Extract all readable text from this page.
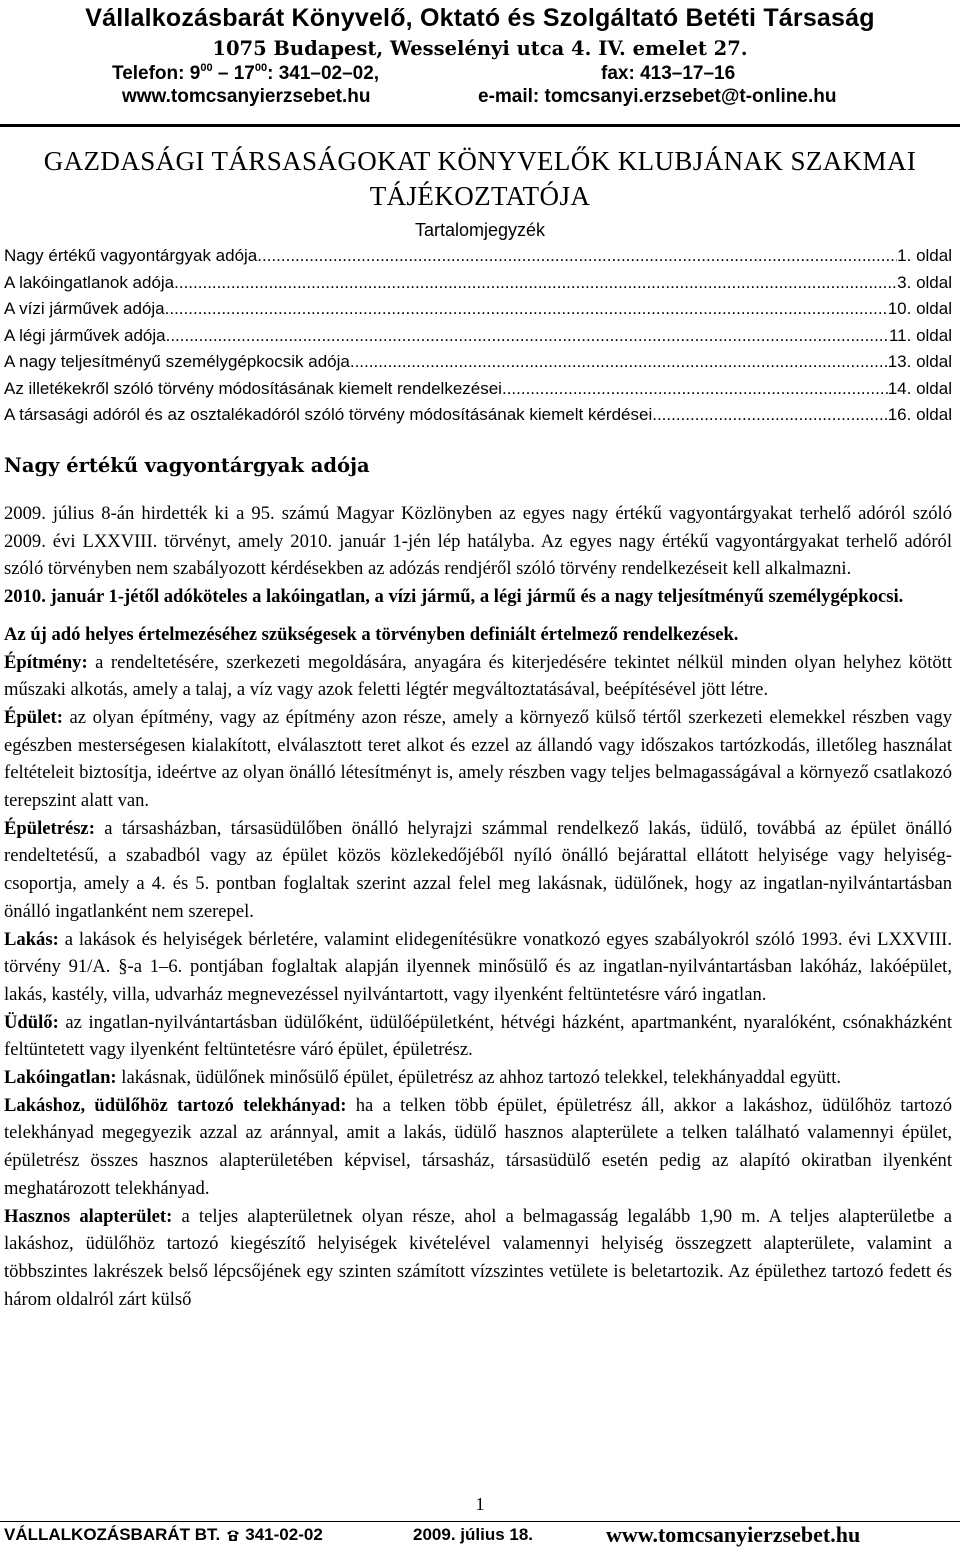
Vállalkozásbarát Könyvelő, Oktató és Szolgáltató Betéti Társaság
1075 Budapest, Wesselényi utca 4. IV. emelet 27.
Telefon: $9^{00} - 17^{00}$: 341–02–02,	fax: 413–17–16
www.tomcsanyierzsebet.hu	e-mail: tomcsanyi.erzsebet@t-online.hu
GAZDASÁGI TÁRSASÁGOKAT KÖNYVELŐK KLUBJÁNAK SZAKMAI
TÁJÉKOZTATÓJA
Tartalomjegyzék
Nagy értékű vagyontárgyak adója .....	1. oldal
A lakóingatlanok adója .....	3. oldal
A vízi járművek adója .....	10. oldal
A légi járművek adója .....	11. oldal
A nagy teljesítményű személygépkocsik adója .....	13. oldal
Az illetékekről szóló törvény módosításának kiemelt rendelkezései .....	14. oldal
A társasági adóról és az osztalékadóról szóló törvény módosításának kiemelt kérdései .....	16. oldal
Nagy értékű vagyontárgyak adója

2009. július 8-án hirdették ki a 95. számú Magyar Közlönyben az egyes nagy értékű vagyontárgyakat terhelő adóról szóló 2009. évi LXXVIII. törvényt, amely 2010. január 1-jén lép hatályba. Az egyes nagy értékű vagyontárgyakat terhelő adóról szóló törvényben nem szabályozott kérdésekben az adózás rendjéről szóló törvény rendelkezéseit kell alkalmazni.

2010. január 1-jétől adóköteles a lakóingatlan, a vízi jármű, a légi jármű és a nagy teljesítményű személygépkocsi.

Az új adó helyes értelmezéséhez szükségesek a törvényben definiált értelmező rendelkezések.

Építmény: a rendeltetésére, szerkezeti megoldására, anyagára és kiterjedésére tekintet nélkül minden olyan helyhez kötött műszaki alkotás, amely a talaj, a víz vagy azok feletti légtér megváltoztatásával, beépítésével jött létre.

Épület: az olyan építmény, vagy az építmény azon része, amely a környező külső tértől szerkezeti elemekkel részben vagy egészben mesterségesen kialakított, elválasztott teret alkot és ezzel az állandó vagy időszakos tartózkodás, illetőleg használat feltételeit biztosítja, ideértve az olyan önálló létesítményt is, amely részben vagy teljes belmagasságával a környező csatlakozó terepszint alatt van.

Épületrész: a társasházban, társasüdülőben önálló helyrajzi számmal rendelkező lakás, üdülő, továbbá az épület önálló rendeltetésű, a szabadból vagy az épület közös közlekedőjéből nyíló önálló bejárattal ellátott helyisége vagy helyiség-csoportja, amely a 4. és 5. pontban foglaltak szerint azzal felel meg lakásnak, üdülőnek, hogy az ingatlan-nyilvántartásban önálló ingatlanként nem szerepel.

Lakás: a lakások és helyiségek bérletére, valamint elidegenítésükre vonatkozó egyes szabályokról szóló 1993. évi LXXVIII. törvény 91/A. §-a 1–6. pontjában foglaltak alapján ilyennek minősülő és az ingatlan-nyilvántartásban lakóház, lakóépület, lakás, kastély, villa, udvarház megnevezéssel nyilvántartott, vagy ilyenként feltüntetésre váró ingatlan.

Üdülő: az ingatlan-nyilvántartásban üdülőként, üdülőépületként, hétvégi házként, apartmanként, nyaralóként, csónakházként feltüntetett vagy ilyenként feltüntetésre váró épület, épületrész.

Lakóingatlan: lakásnak, üdülőnek minősülő épület, épületrész az ahhoz tartozó telekkel, telekhányaddal együtt.

Lakáshoz, üdülőhöz tartozó telekhányad: ha a telken több épület, épületrész áll, akkor a lakáshoz, üdülőhöz tartozó telekhányad megegyezik azzal az aránnyal, amit a lakás, üdülő hasznos alapterülete a telken található valamennyi épület, épületrész összes hasznos alapterületében képvisel, társasház, társasüdülő esetén pedig az alapító okiratban ilyenként meghatározott telekhányad.

Hasznos alapterület: a teljes alapterületnek olyan része, ahol a belmagasság legalább 1,90 m. A teljes alapterületbe a lakáshoz, üdülőhöz tartozó kiegészítő helyiségek kivételével valamennyi helyiség összegzett alapterülete, valamint a többszintes lakrészek belső lépcsőjének egy szinten számított vízszintes vetülete is beletartozik. Az épülethez tartozó fedett és három oldalról zárt külső

1
VÁLLALKOZÁSBARÁT BT. 341-02-02	2009. július 18.	www.tomcsanyierzsebet.hu
